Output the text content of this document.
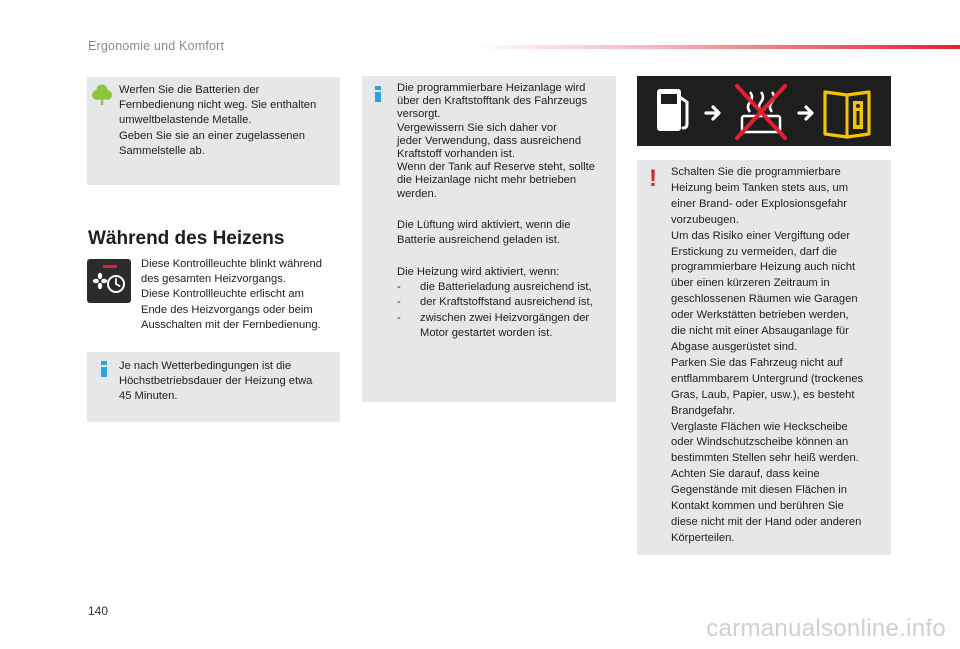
Ergonomie und Komfort

Werfen Sie die Batterien der

Fernbedienung nicht weg. Sie enthalten

umweltbelastende Metalle.

Geben Sie sie an einer zugelassenen

Sammelstelle ab.

Während des Heizens

Diese Kontrollleuchte blinkt während

des gesamten Heizvorgangs.

Diese Kontrollleuchte erlischt am

Ende des Heizvorgangs oder beim

Ausschalten mit der Fernbedienung.

Je nach Wetterbedingungen ist die

Höchstbetriebsdauer der Heizung etwa

45 Minuten.

Die programmierbare Heizanlage wird

über den Kraftstofftank des Fahrzeugs

versorgt.

Vergewissern Sie sich daher vor

jeder Verwendung, dass ausreichend

Kraftstoff vorhanden ist.

Wenn der Tank auf Reserve steht, sollte

die Heizanlage nicht mehr betrieben

werden.

Die Lüftung wird aktiviert, wenn die

Batterie ausreichend geladen ist.

Die Heizung wird aktiviert, wenn:

-	die Batterieladung ausreichend ist,
-	der Kraftstoffstand ausreichend ist,
-	zwischen zwei Heizvorgängen der

Motor gestartet worden ist.

! Schalten Sie die programmierbare

Heizung beim Tanken stets aus, um

einer Brand- oder Explosionsgefahr

vorzubeugen.

Um das Risiko einer Vergiftung oder

Erstickung zu vermeiden, darf die

programmierbare Heizung auch nicht

über einen kürzeren Zeitraum in

geschlossenen Räumen wie Garagen

oder Werkstätten betrieben werden,

die nicht mit einer Absauganlage für

Abgase ausgerüstet sind.

Parken Sie das Fahrzeug nicht auf

entflammbarem Untergrund (trockenes

Gras, Laub, Papier, usw.), es besteht

Brandgefahr.

Verglaste Flächen wie Heckscheibe

oder Windschutzscheibe können an

bestimmten Stellen sehr heiß werden.

Achten Sie darauf, dass keine

Gegenstände mit diesen Flächen in

Kontakt kommen und berühren Sie

diese nicht mit der Hand oder anderen

Körperteilen.

140
carmanualsonline.info
